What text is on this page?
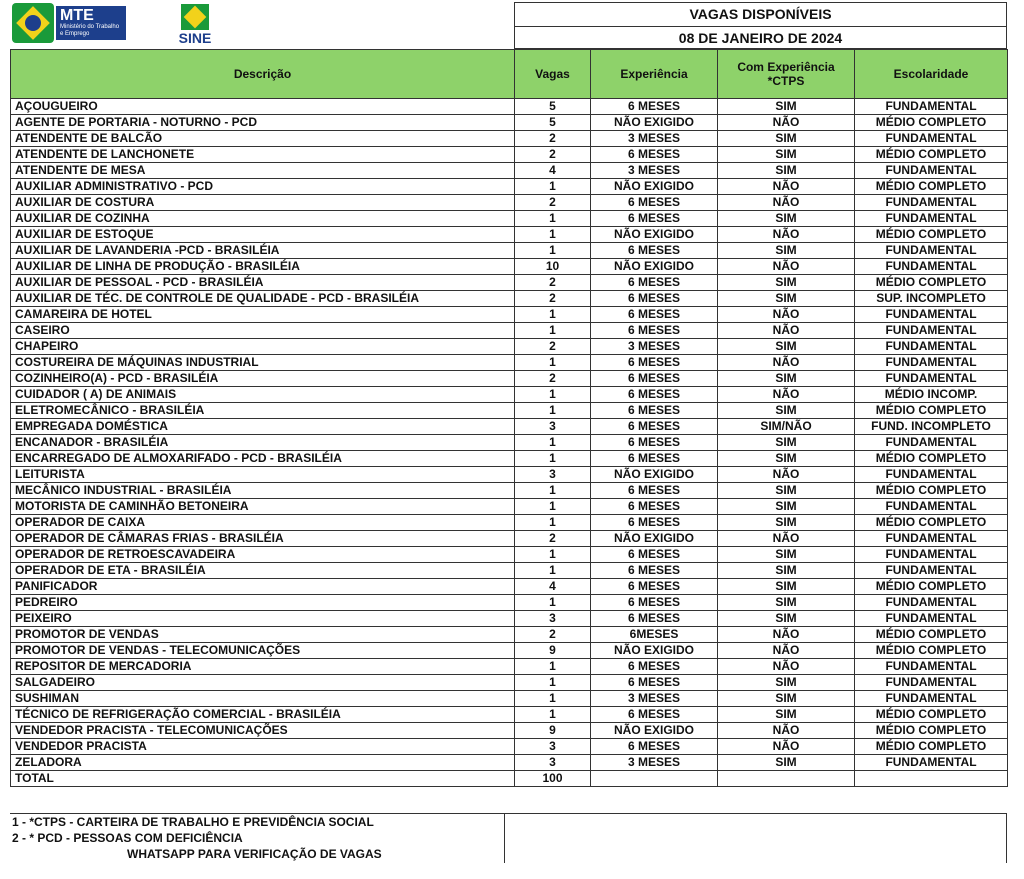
MTE
Ministério do Trabalho e Emprego	SINE
VAGAS DISPONÍVEIS
08 DE JANEIRO DE 2024
Descrição	Vagas	Experiência	Com Experiência *CTPS	Escolaridade
AÇOUGUEIRO	5	6 MESES	SIM	FUNDAMENTAL
AGENTE DE PORTARIA - NOTURNO - PCD	5	NÃO EXIGIDO	NÃO	MÉDIO COMPLETO
ATENDENTE DE BALCÃO	2	3 MESES	SIM	FUNDAMENTAL
ATENDENTE DE LANCHONETE	2	6 MESES	SIM	MÉDIO COMPLETO
ATENDENTE DE MESA	4	3 MESES	SIM	FUNDAMENTAL
AUXILIAR ADMINISTRATIVO - PCD	1	NÃO EXIGIDO	NÃO	MÉDIO COMPLETO
AUXILIAR DE COSTURA	2	6 MESES	NÃO	FUNDAMENTAL
AUXILIAR DE COZINHA	1	6 MESES	SIM	FUNDAMENTAL
AUXILIAR DE ESTOQUE	1	NÃO EXIGIDO	NÃO	MÉDIO COMPLETO
AUXILIAR DE LAVANDERIA -PCD - BRASILÉIA	1	6 MESES	SIM	FUNDAMENTAL
AUXILIAR DE LINHA DE PRODUÇÃO - BRASILÉIA	10	NÃO EXIGIDO	NÃO	FUNDAMENTAL
AUXILIAR DE PESSOAL - PCD - BRASILÉIA	2	6 MESES	SIM	MÉDIO COMPLETO
AUXILIAR DE TÉC. DE CONTROLE DE QUALIDADE - PCD - BRASILÉIA	2	6 MESES	SIM	SUP. INCOMPLETO
CAMAREIRA DE HOTEL	1	6 MESES	NÃO	FUNDAMENTAL
CASEIRO	1	6 MESES	NÃO	FUNDAMENTAL
CHAPEIRO	2	3 MESES	SIM	FUNDAMENTAL
COSTUREIRA DE MÁQUINAS INDUSTRIAL	1	6 MESES	NÃO	FUNDAMENTAL
COZINHEIRO(A) - PCD - BRASILÉIA	2	6 MESES	SIM	FUNDAMENTAL
CUIDADOR ( A) DE ANIMAIS	1	6 MESES	NÃO	MÉDIO INCOMP.
ELETROMECÂNICO - BRASILÉIA	1	6 MESES	SIM	MÉDIO COMPLETO
EMPREGADA DOMÉSTICA	3	6 MESES	SIM/NÃO	FUND. INCOMPLETO
ENCANADOR - BRASILÉIA	1	6 MESES	SIM	FUNDAMENTAL
ENCARREGADO DE ALMOXARIFADO - PCD - BRASILÉIA	1	6 MESES	SIM	MÉDIO COMPLETO
LEITURISTA	3	NÃO EXIGIDO	NÃO	FUNDAMENTAL
MECÂNICO INDUSTRIAL - BRASILÉIA	1	6 MESES	SIM	MÉDIO COMPLETO
MOTORISTA DE CAMINHÃO BETONEIRA	1	6 MESES	SIM	FUNDAMENTAL
OPERADOR DE CAIXA	1	6 MESES	SIM	MÉDIO COMPLETO
OPERADOR DE CÂMARAS FRIAS - BRASILÉIA	2	NÃO EXIGIDO	NÃO	FUNDAMENTAL
OPERADOR DE RETROESCAVADEIRA	1	6 MESES	SIM	FUNDAMENTAL
OPERADOR DE ETA - BRASILÉIA	1	6 MESES	SIM	FUNDAMENTAL
PANIFICADOR	4	6 MESES	SIM	MÉDIO COMPLETO
PEDREIRO	1	6 MESES	SIM	FUNDAMENTAL
PEIXEIRO	3	6 MESES	SIM	FUNDAMENTAL
PROMOTOR DE VENDAS	2	6MESES	NÃO	MÉDIO COMPLETO
PROMOTOR DE VENDAS - TELECOMUNICAÇÕES	9	NÃO EXIGIDO	NÃO	MÉDIO COMPLETO
REPOSITOR DE MERCADORIA	1	6 MESES	NÃO	FUNDAMENTAL
SALGADEIRO	1	6 MESES	SIM	FUNDAMENTAL
SUSHIMAN	1	3 MESES	SIM	FUNDAMENTAL
TÉCNICO DE REFRIGERAÇÃO COMERCIAL - BRASILÉIA	1	6 MESES	SIM	MÉDIO COMPLETO
VENDEDOR PRACISTA - TELECOMUNICAÇÕES	9	NÃO EXIGIDO	NÃO	MÉDIO COMPLETO
VENDEDOR PRACISTA	3	6 MESES	NÃO	MÉDIO COMPLETO
ZELADORA	3	3 MESES	SIM	FUNDAMENTAL
TOTAL	100			
1 - *CTPS - CARTEIRA DE TRABALHO E PREVIDÊNCIA SOCIAL
2 - * PCD - PESSOAS COM DEFICIÊNCIA
WHATSAPP PARA VERIFICAÇÃO DE VAGAS
